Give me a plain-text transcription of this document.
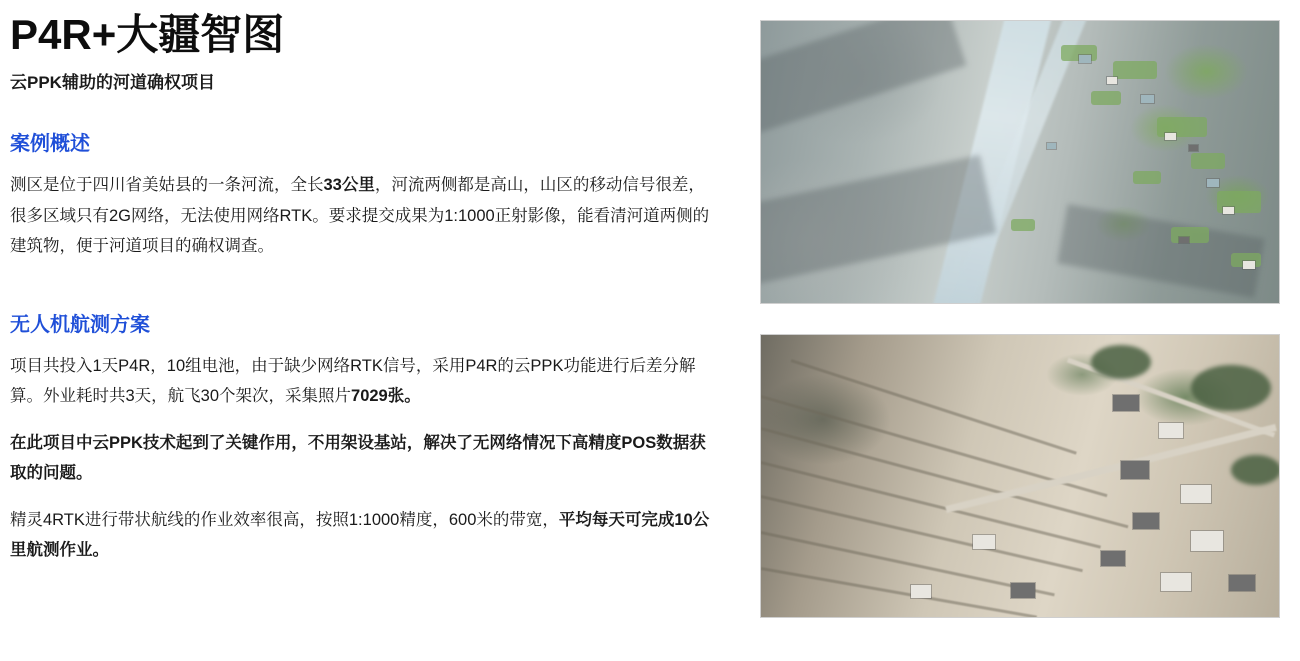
P4R+大疆智图
云PPK辅助的河道确权项目
案例概述

测区是位于四川省美姑县的一条河流，全长33公里，河流两侧都是高山，山区的移动信号很差，很多区域只有2G网络，无法使用网络RTK。要求提交成果为1:1000正射影像，能看清河道两侧的建筑物，便于河道项目的确权调查。

无人机航测方案

项目共投入1天P4R，10组电池，由于缺少网络RTK信号，采用P4R的云PPK功能进行后差分解算。外业耗时共3天，航飞30个架次，采集照片7029张。

在此项目中云PPK技术起到了关键作用，不用架设基站，解决了无网络情况下高精度POS数据获取的问题。

精灵4RTK进行带状航线的作业效率很高，按照1:1000精度，600米的带宽，平均每天可完成10公里航测作业。
